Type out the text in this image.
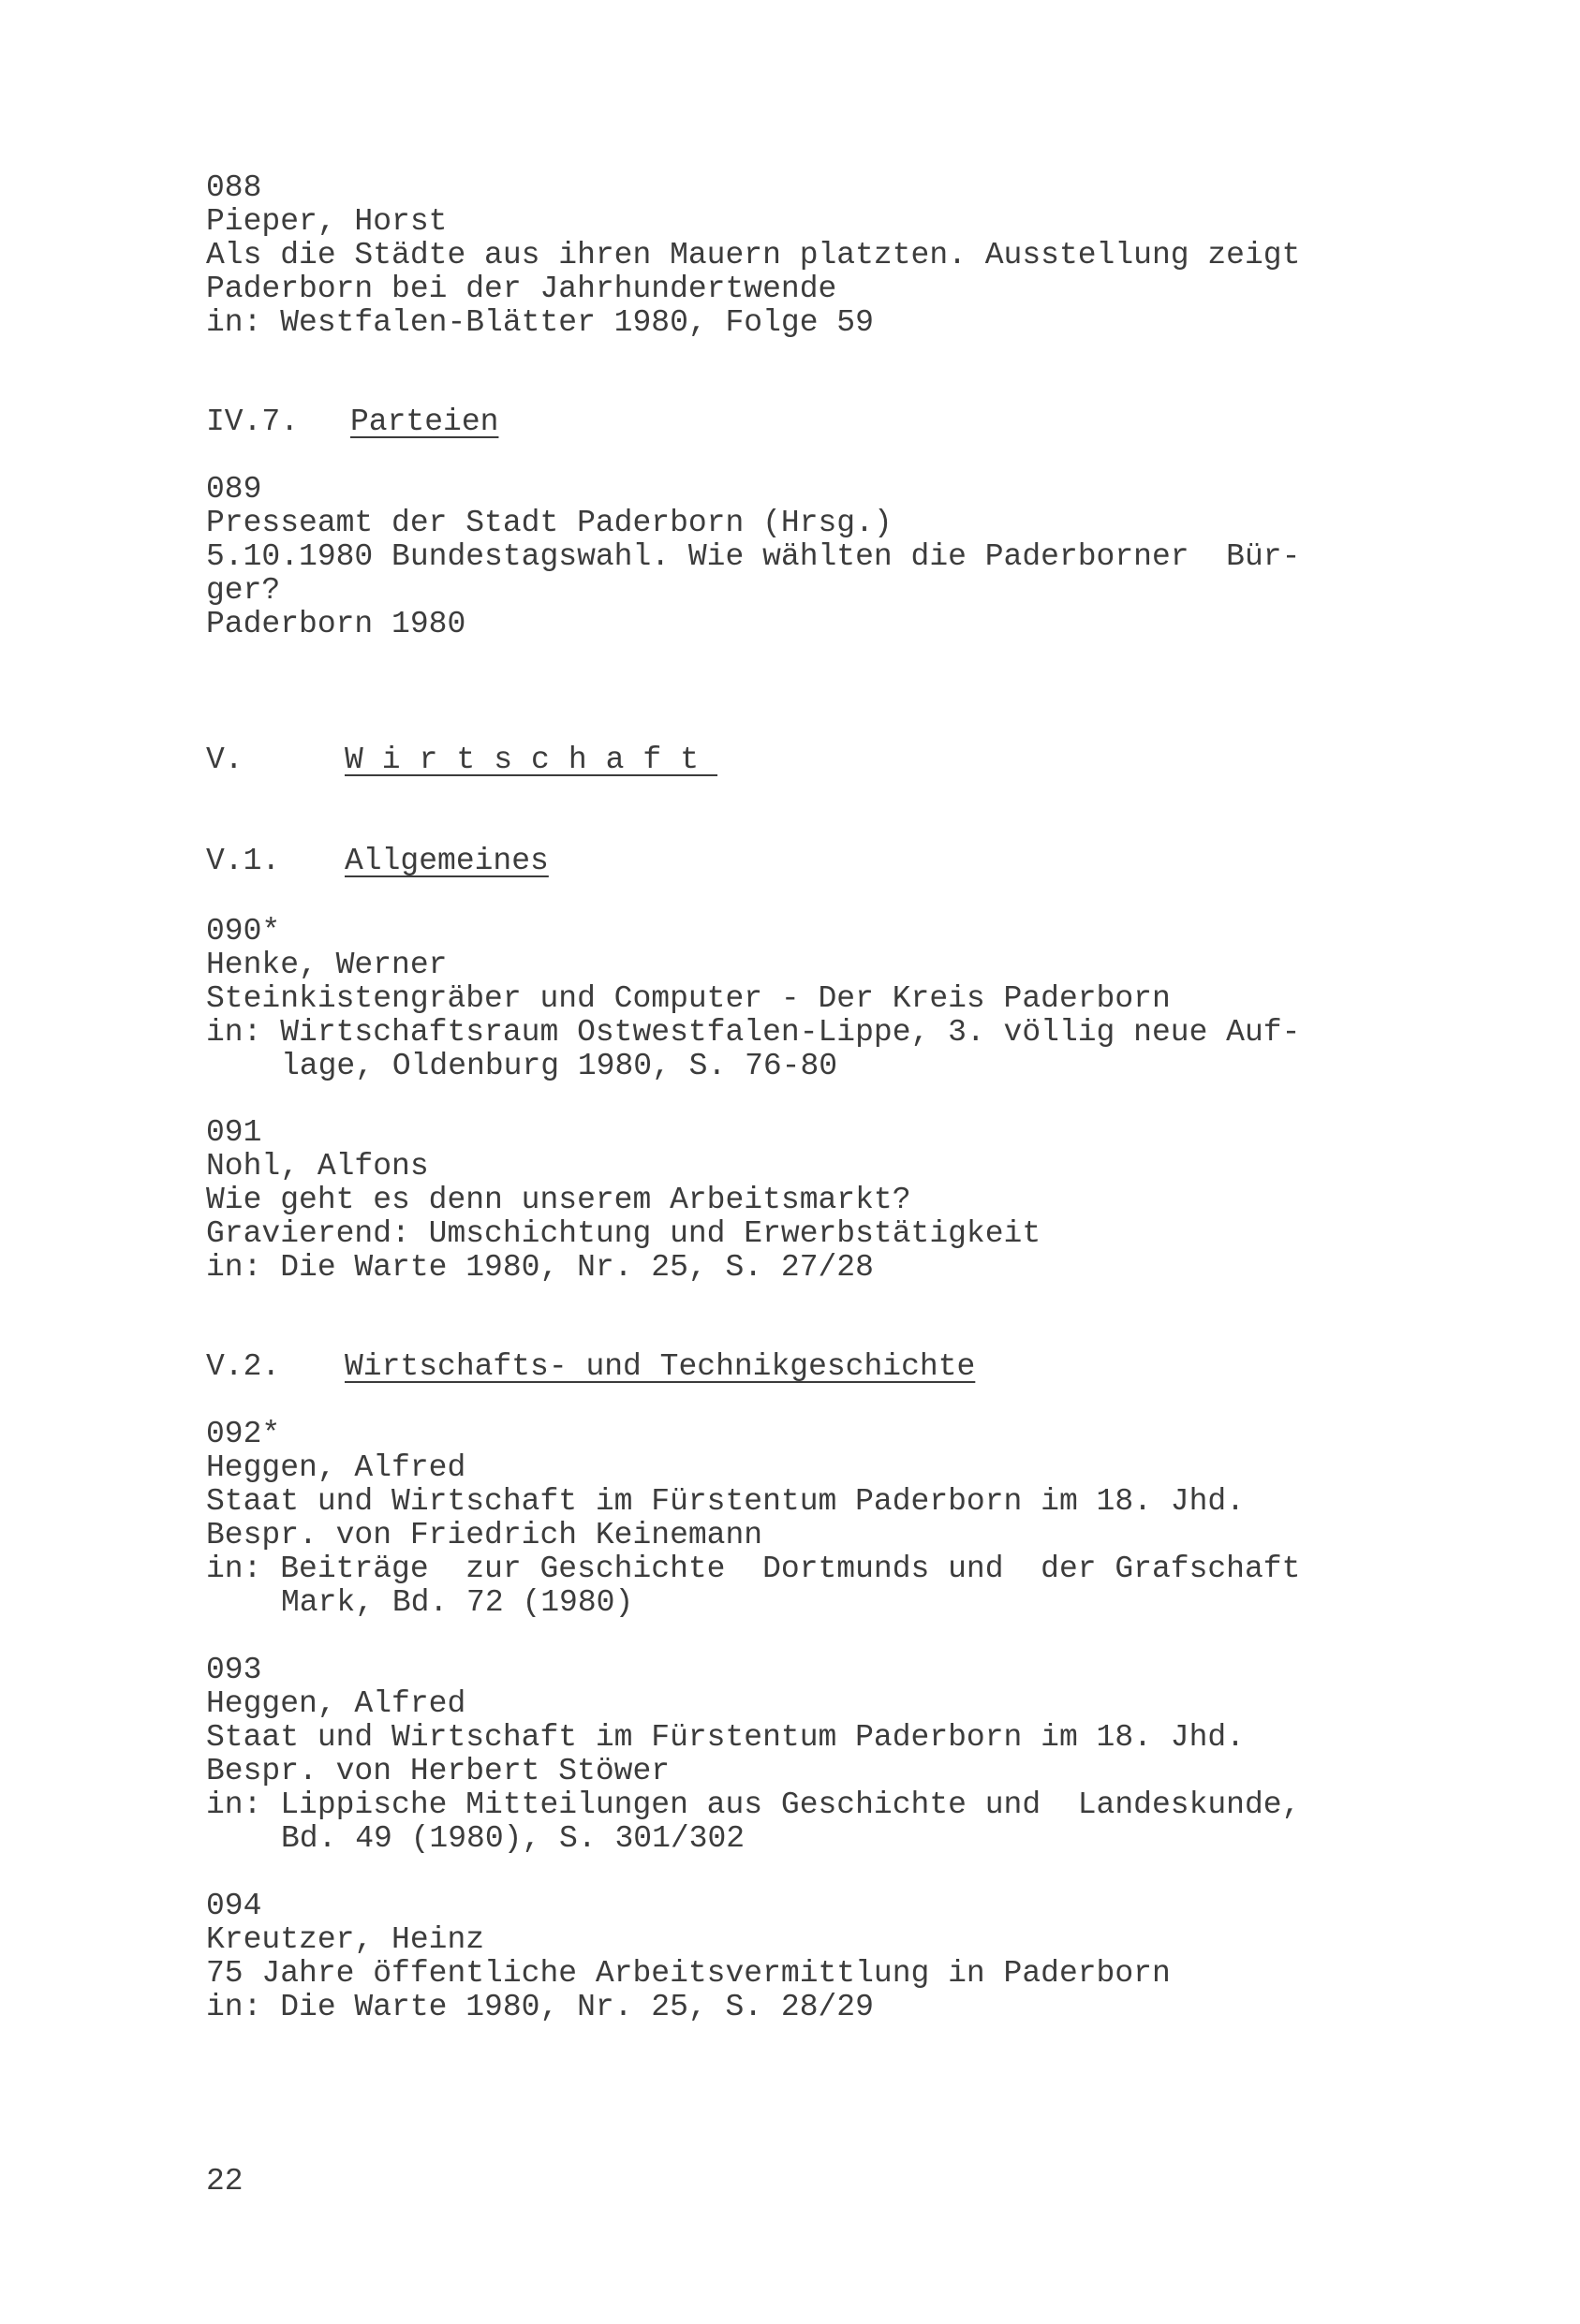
088
Pieper, Horst
Als die Städte aus ihren Mauern platzten. Ausstellung zeigt
Paderborn bei der Jahrhundertwende
in: Westfalen-Blätter 1980, Folge 59
IV.7. Parteien
089
Presseamt der Stadt Paderborn (Hrsg.)
5.10.1980 Bundestagswahl. Wie wählten die Paderborner  Bür-
ger?
Paderborn 1980
V.	Wirtschaft
V.1. Allgemeines
090*
Henke, Werner
Steinkistengräber und Computer - Der Kreis Paderborn
in: Wirtschaftsraum Ostwestfalen-Lippe, 3. völlig neue Auf-
lage, Oldenburg 1980, S. 76-80
091
Nohl, Alfons
Wie geht es denn unserem Arbeitsmarkt?
Gravierend: Umschichtung und Erwerbstätigkeit
in: Die Warte 1980, Nr. 25, S. 27/28
V.2. Wirtschafts- und Technikgeschichte
092*
Heggen, Alfred
Staat und Wirtschaft im Fürstentum Paderborn im 18. Jhd.
Bespr. von Friedrich Keinemann
in: Beiträge  zur Geschichte  Dortmunds und  der Grafschaft
Mark, Bd. 72 (1980)
093
Heggen, Alfred
Staat und Wirtschaft im Fürstentum Paderborn im 18. Jhd.
Bespr. von Herbert Stöwer
in: Lippische Mitteilungen aus Geschichte und  Landeskunde,
Bd. 49 (1980), S. 301/302
094
Kreutzer, Heinz
75 Jahre öffentliche Arbeitsvermittlung in Paderborn
in: Die Warte 1980, Nr. 25, S. 28/29
22
